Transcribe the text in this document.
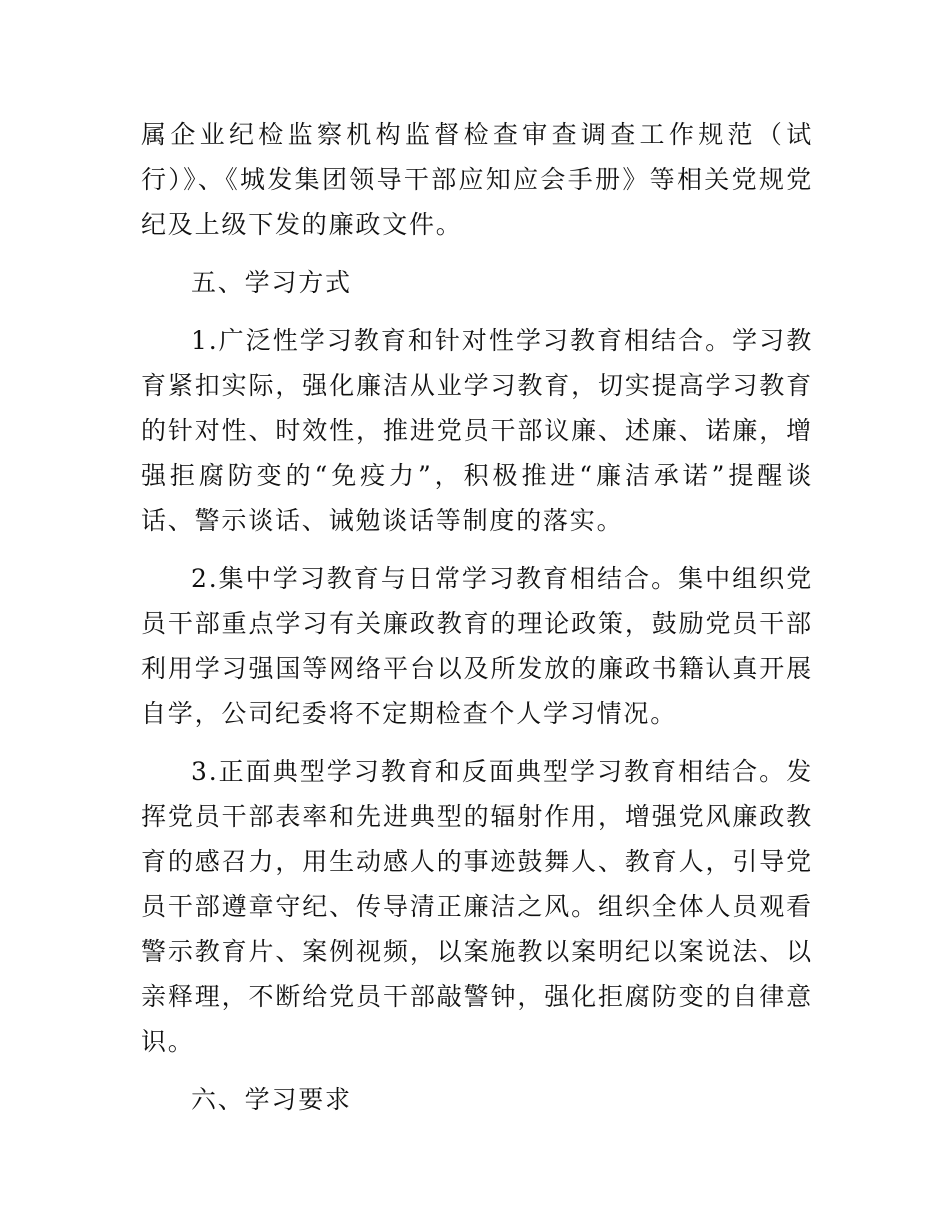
属企业纪检监察机构监督检查审查调查工作规范（试行）》、《城发集团领导干部应知应会手册》等相关党规党纪及上级下发的廉政文件。

五、学习方式

1.广泛性学习教育和针对性学习教育相结合。学习教育紧扣实际，强化廉洁从业学习教育，切实提高学习教育的针对性、时效性，推进党员干部议廉、述廉、诺廉，增强拒腐防变的“免疫力”，积极推进“廉洁承诺”提醒谈话、警示谈话、诫勉谈话等制度的落实。

2.集中学习教育与日常学习教育相结合。集中组织党员干部重点学习有关廉政教育的理论政策，鼓励党员干部利用学习强国等网络平台以及所发放的廉政书籍认真开展自学，公司纪委将不定期检查个人学习情况。

3.正面典型学习教育和反面典型学习教育相结合。发挥党员干部表率和先进典型的辐射作用，增强党风廉政教育的感召力，用生动感人的事迹鼓舞人、教育人，引导党员干部遵章守纪、传导清正廉洁之风。组织全体人员观看警示教育片、案例视频，以案施教以案明纪以案说法、以亲释理，不断给党员干部敲警钟，强化拒腐防变的自律意识。

六、学习要求
